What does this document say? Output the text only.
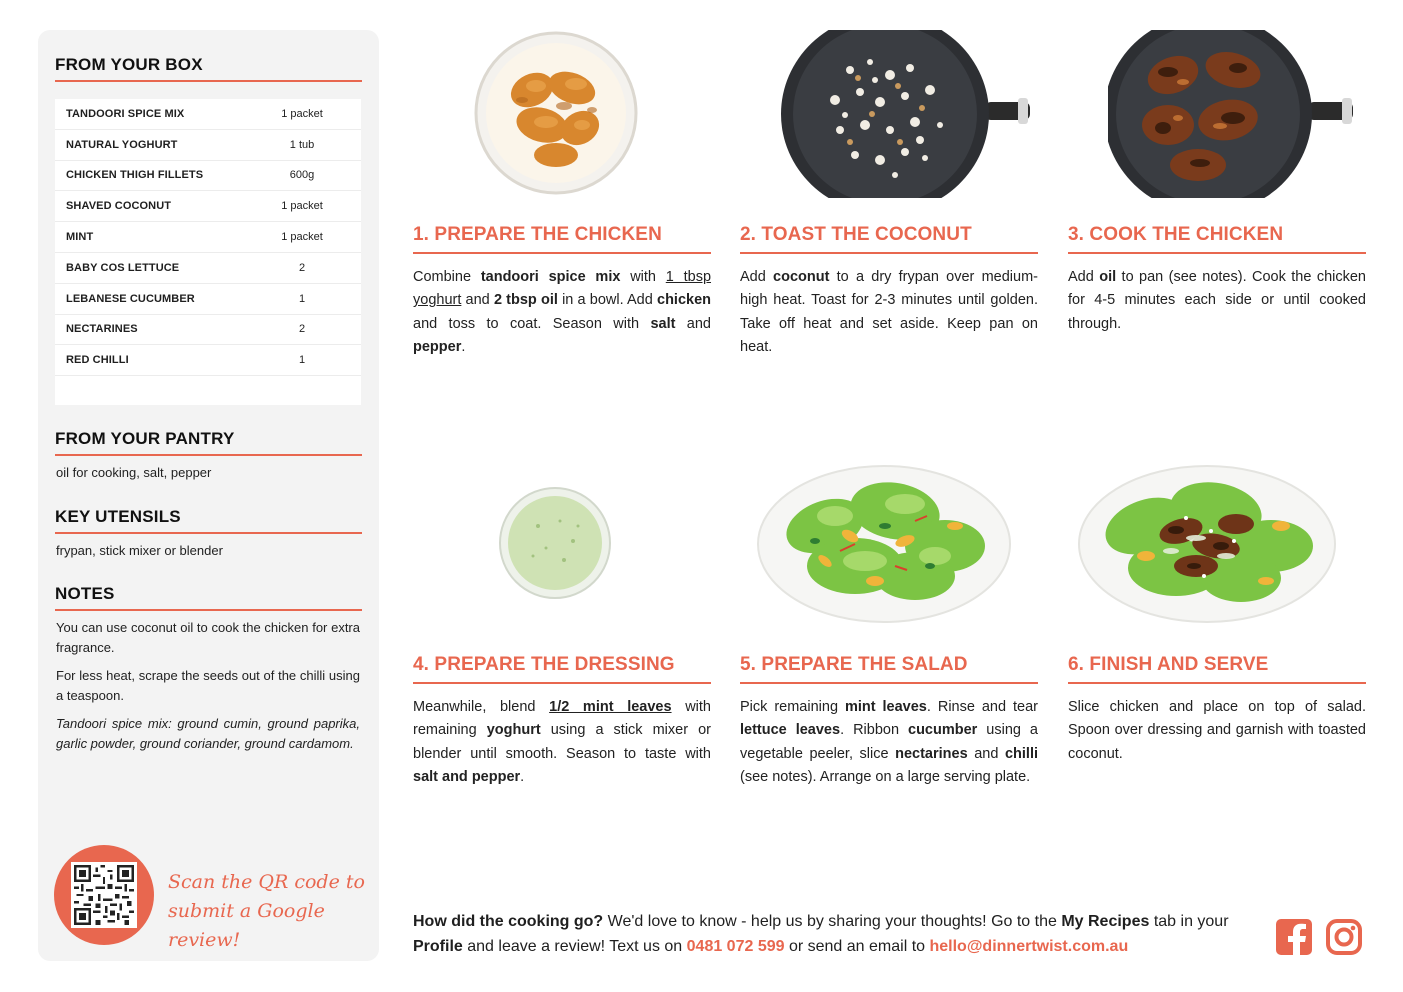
FROM YOUR BOX
TANDOORI SPICE MIX	1 packet
NATURAL YOGHURT	1 tub
CHICKEN THIGH FILLETS	600g
SHAVED COCONUT	1 packet
MINT	1 packet
BABY COS LETTUCE	2
LEBANESE CUCUMBER	1
NECTARINES	2
RED CHILLI	1
FROM YOUR PANTRY
oil for cooking, salt, pepper
KEY UTENSILS
frypan, stick mixer or blender
NOTES

You can use coconut oil to cook the chicken for extra fragrance.

For less heat, scrape the seeds out of the chilli using a teaspoon.

Tandoori spice mix: ground cumin, ground paprika, garlic powder, ground coriander, ground cardamom.

Scan the QR code to
submit a Google review!
1. PREPARE THE CHICKEN
Combine tandoori spice mix with 1 tbsp yoghurt and 2 tbsp oil in a bowl. Add chicken and toss to coat. Season with salt and pepper.
2. TOAST THE COCONUT
Add coconut to a dry frypan over medium-high heat. Toast for 2-3 minutes until golden. Take off heat and set aside. Keep pan on heat.
3. COOK THE CHICKEN
Add oil to pan (see notes). Cook the chicken for 4-5 minutes each side or until cooked through.
4. PREPARE THE DRESSING
Meanwhile, blend 1/2 mint leaves with remaining yoghurt using a stick mixer or blender until smooth. Season to taste with salt and pepper.
5. PREPARE THE SALAD
Pick remaining mint leaves. Rinse and tear lettuce leaves. Ribbon cucumber using a vegetable peeler, slice nectarines and chilli (see notes). Arrange on a large serving plate.
6. FINISH AND SERVE
Slice chicken and place on top of salad. Spoon over dressing and garnish with toasted coconut.
How did the cooking go? We'd love to know - help us by sharing your thoughts! Go to the My Recipes tab in your Profile and leave a review! Text us on 0481 072 599 or send an email to hello@dinnertwist.com.au
